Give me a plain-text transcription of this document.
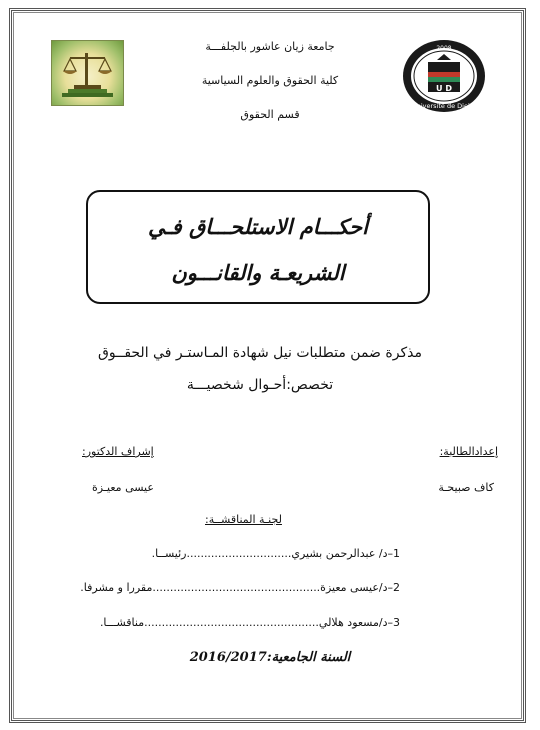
Université de Djelfa
2008
U D
جامعة زيان عاشور بالجلفـــة
كلية الحقوق والعلوم السياسية
قسم الحقوق
أحكـــام الاستلحـــاق فـي
الشريعـة والقانـــون
مذكرة ضمن متطلبات نيل شهادة المـاستـر في الحقــوق
تخصص:أحـوال شخصيـــة
إعدادالطالبة:
إشراف الدكتور:
كاف صبيحـة
عيسى معيـزة
لجنـة المناقشــة:
1–د/ عبدالرحمن بشيري..............................رئيســا.
2–د/عيسى معيزة................................................مقررا و مشرفا.
3–د/مسعود هلالي..................................................مناقشـــا.
السنة الجامعية:2016/2017
